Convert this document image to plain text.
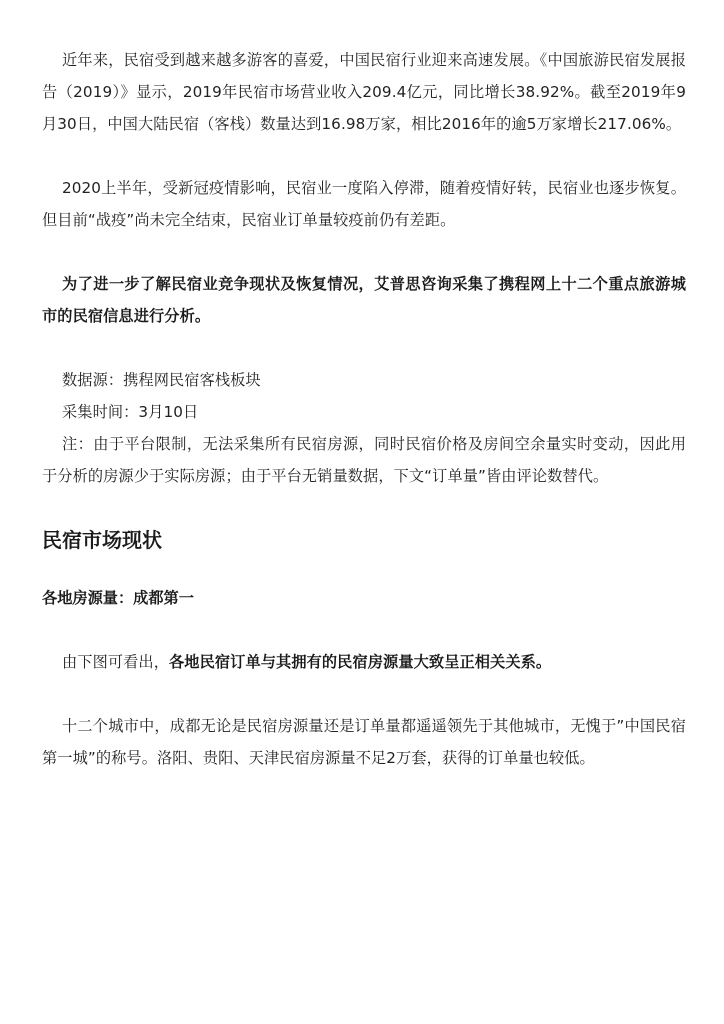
近年来，民宿受到越来越多游客的喜爱，中国民宿行业迎来高速发展。《中国旅游民宿发展报告（2019）》显示，2019年民宿市场营业收入209.4亿元，同比增长38.92%。截至2019年9月30日，中国大陆民宿（客栈）数量达到16.98万家，相比2016年的逾5万家增长217.06%。

2020上半年，受新冠疫情影响，民宿业一度陷入停滞，随着疫情好转，民宿业也逐步恢复。但目前“战疫”尚未完全结束，民宿业订单量较疫前仍有差距。

为了进一步了解民宿业竞争现状及恢复情况，艾普思咨询采集了携程网上十二个重点旅游城市的民宿信息进行分析。

数据源：携程网民宿客栈板块

采集时间：3月10日

注：由于平台限制，无法采集所有民宿房源，同时民宿价格及房间空余量实时变动，因此用于分析的房源少于实际房源；由于平台无销量数据，下文“订单量”皆由评论数替代。

民宿市场现状
各地房源量：成都第一

由下图可看出，各地民宿订单与其拥有的民宿房源量大致呈正相关关系。

十二个城市中，成都无论是民宿房源量还是订单量都遥遥领先于其他城市，无愧于”中国民宿第一城”的称号。洛阳、贵阳、天津民宿房源量不足2万套，获得的订单量也较低。
